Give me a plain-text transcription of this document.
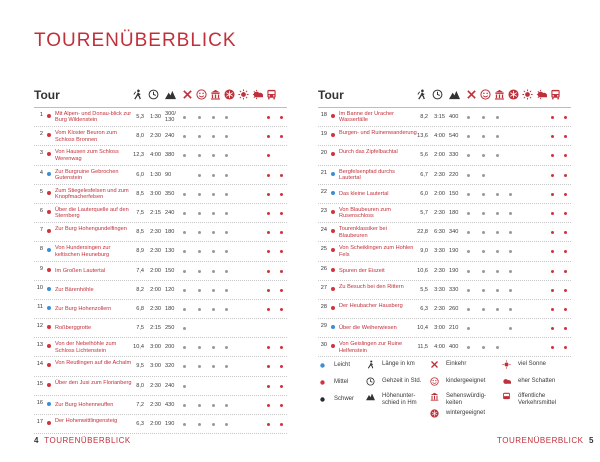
TOURENÜBERBLICK
Tour
1 Mit Alpen- und Donau-blick zur Burg Wildenstein
5,3	1:30 300/ 130
2 Vom Kloster Beuron zum Schloss Bronnen
8,0	2:30 240
3 Von Hausen zum Schloss Werenwag
12,3	4:00 380
4 Zur Burgruine Gebrochen Gutenstein
6,0	1:30 90
5 Zum Stiegelesfelsen und zum Knopfmacherfelsen
8,5	3:00 350
6 Über die Lauterquelle auf den Sternberg
7,5	2:15 240
7 Zur Burg Hohengundelfingen	8,5	2:30 180
8 Von Hundersingen zur keltischen Heuneburg
8,9	2:30 130
9 Im Großen Lautertal	7,4	2:00 150
10 Zur Bärenhöhle	8,2	2:00 120
11 Zur Burg Hohenzollern	6,8	2:30 180
12 Roßberggrotte	7,5	2:15 250
13 Von der Nebelhöhle zum Schloss Lichtenstein
10,4	3:00 200
14 Von Reutlingen auf die Achalm 9,5	3:00 320
15 Über den Jusi zum Florianberg 8,0	2:30 240
16 Zur Burg Hohenneuffen	7,2	2:30 430
17 Der Hohenwittlingensteig	6,3	2:00 190
Tour
18 Im Banne der Uracher Wasserfälle
8,2	3:15 400
19 Burgen- und Ruinenwanderung 13,6	4:00 540
20 Durch das Zipfelbachtal	5,6	2:00 330
21 Bergfelsenpfad durchs Lautertal
6,7	2:30 220
22 Das kleine Lautertal	6,0	2:00 150
23 Von Blaubeuren zum Rusenschloss
5,7	2:30 180
24 Tourenklassiker bei Blaubeuren
22,8	6:30 340
25 Von Scheiklingen zum Hohlen Fels
9,0	3:30 190
26 Spuren der Eiszeit	10,6	2:30 190
27 Zu Besuch bei den Rittern	5,5	3:30 330
28 Der Heubacher Hausberg	6,3	2:30 260
29 Über die Weiherwiesen	10,4	3:00 210
30 Von Geislingen zur Ruine Helfenstein
11,5	4:00 400
Leicht
Mittel
Schwer
Länge in km
Gehzeit in Std.
Höhenunter-schied in Hm
Einkehr
kindergeeignet
Sehenswürdig-keiten
wintergeeignet
viel Sonne
eher Schatten
öffentliche Verkehrsmittel
4 TOURENÜBERBLICK	TOURENÜBERBLICK 5
